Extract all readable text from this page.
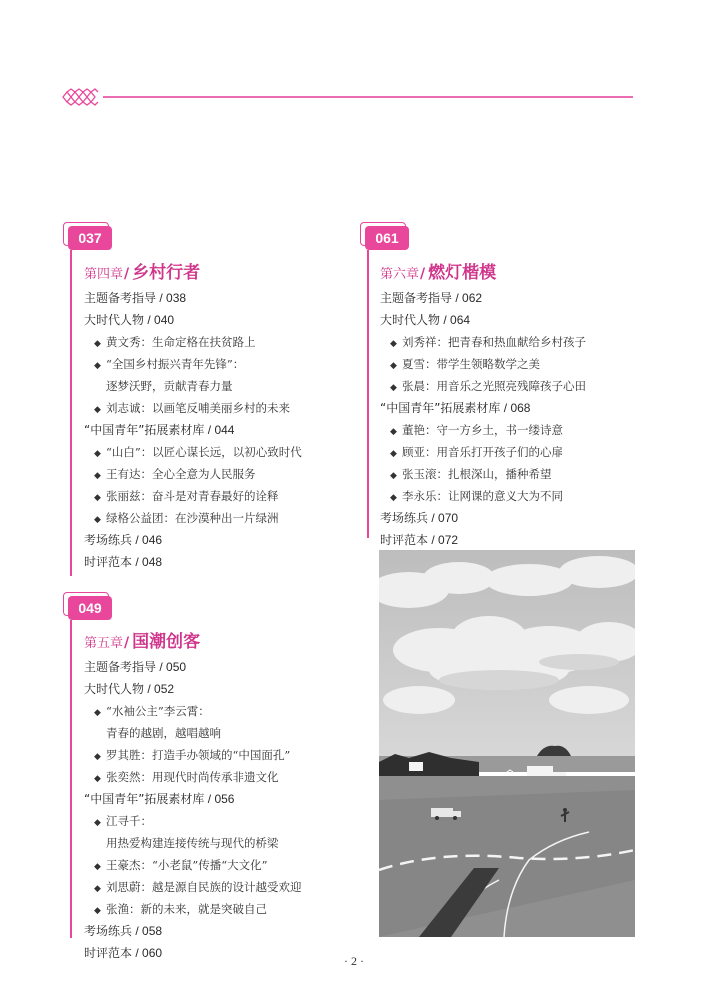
037
第四章/ 乡村行者
主题备考指导 / 038
大时代人物 / 040
◆ 黄文秀：生命定格在扶贫路上
◆ “全国乡村振兴青年先锋”：
逐梦沃野，贡献青春力量
◆ 刘志诚：以画笔反哺美丽乡村的未来
“中国青年”拓展素材库 / 044
◆ “山白”：以匠心谋长远，以初心致时代
◆ 王有达：全心全意为人民服务
◆ 张丽兹：奋斗是对青春最好的诠释
◆ 绿格公益团：在沙漠种出一片绿洲
考场练兵 / 046
时评范本 / 048
049
第五章/ 国潮创客
主题备考指导 / 050
大时代人物 / 052
◆ “水袖公主”李云霄：
青春的越剧，越唱越响
◆ 罗其胜：打造手办领域的“中国面孔”
◆ 张奕然：用现代时尚传承非遗文化
“中国青年”拓展素材库 / 056
◆ 江寻千：
用热爱构建连接传统与现代的桥梁
◆ 王豪杰：“小老鼠”传播“大文化”
◆ 刘思蔚：越是源自民族的设计越受欢迎
◆ 张渔：新的未来，就是突破自己
考场练兵 / 058
时评范本 / 060
061
第六章/ 燃灯楷模
主题备考指导 / 062
大时代人物 / 064
◆ 刘秀祥：把青春和热血献给乡村孩子
◆ 夏雪：带学生领略数学之美
◆ 张晨：用音乐之光照亮残障孩子心田
“中国青年”拓展素材库 / 068
◆ 董艳：守一方乡土，书一缕诗意
◆ 顾亚：用音乐打开孩子们的心扉
◆ 张玉滚：扎根深山，播种希望
◆ 李永乐：让网课的意义大为不同
考场练兵 / 070
时评范本 / 072
· 2 ·
